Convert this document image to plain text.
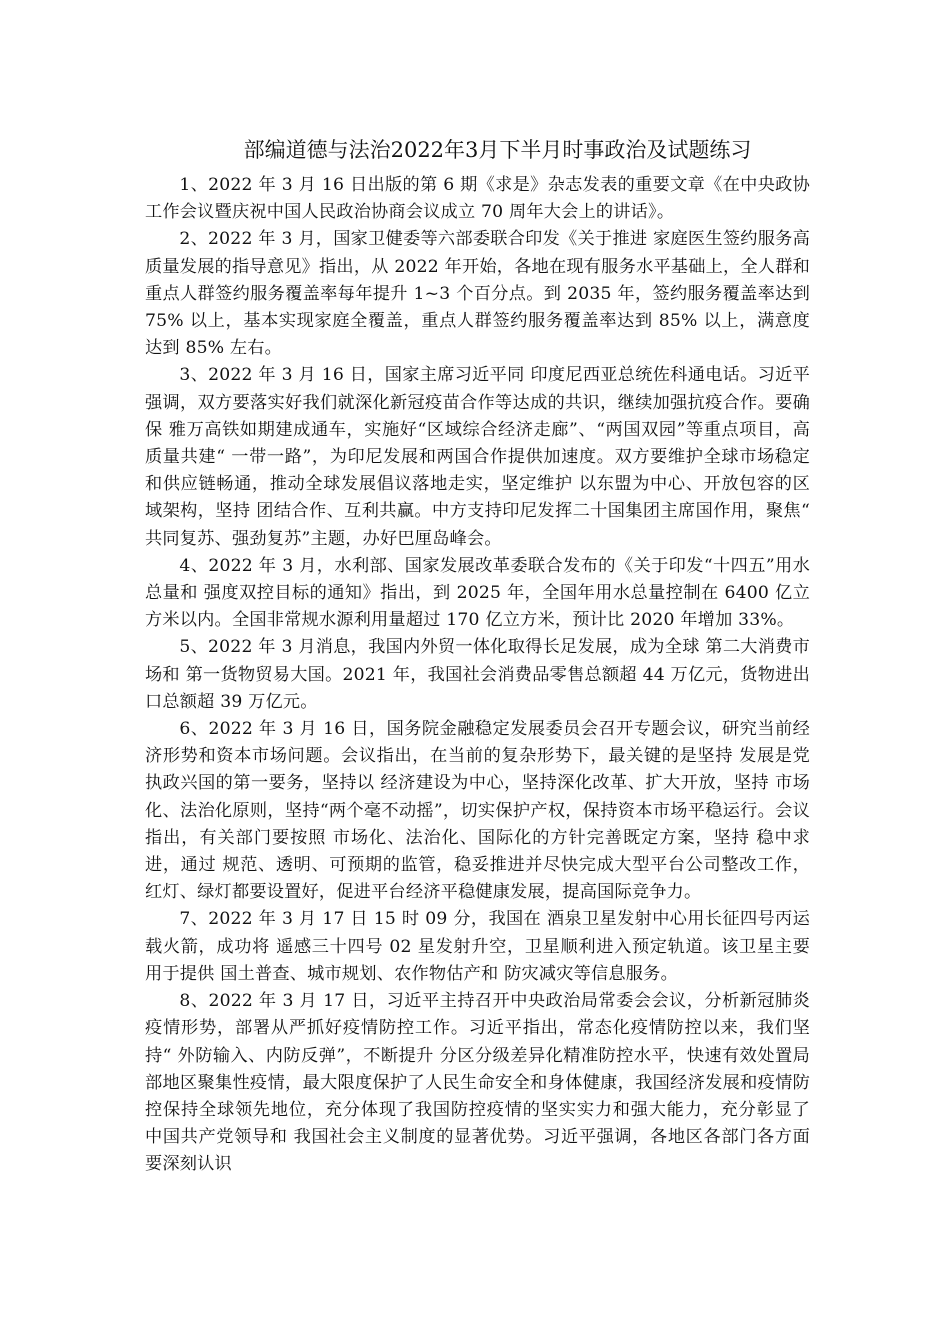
部编道德与法治2022年3月下半月时事政治及试题练习

1、2022 年 3 月 16 日出版的第 6 期《求是》杂志发表的重要文章《在中央政协工作会议暨庆祝中国人民政治协商会议成立 70 周年大会上的讲话》。

2、2022 年 3 月，国家卫健委等六部委联合印发《关于推进 家庭医生签约服务高质量发展的指导意见》指出，从 2022 年开始，各地在现有服务水平基础上，全人群和重点人群签约服务覆盖率每年提升 1~3 个百分点。到 2035 年，签约服务覆盖率达到 75% 以上，基本实现家庭全覆盖，重点人群签约服务覆盖率达到 85% 以上，满意度达到 85% 左右。

3、2022 年 3 月 16 日，国家主席习近平同 印度尼西亚总统佐科通电话。习近平强调，双方要落实好我们就深化新冠疫苗合作等达成的共识，继续加强抗疫合作。要确保 雅万高铁如期建成通车，实施好“区域综合经济走廊”、“两国双园”等重点项目，高质量共建“ 一带一路”，为印尼发展和两国合作提供加速度。双方要维护全球市场稳定和供应链畅通，推动全球发展倡议落地走实，坚定维护 以东盟为中心、开放包容的区域架构，坚持 团结合作、互利共赢。中方支持印尼发挥二十国集团主席国作用，聚焦“ 共同复苏、强劲复苏”主题，办好巴厘岛峰会。

4、2022 年 3 月，水利部、国家发展改革委联合发布的《关于印发“十四五”用水 总量和 强度双控目标的通知》指出，到 2025 年，全国年用水总量控制在 6400 亿立方米以内。全国非常规水源利用量超过 170 亿立方米，预计比 2020 年增加 33%。

5、2022 年 3 月消息，我国内外贸一体化取得长足发展，成为全球 第二大消费市场和 第一货物贸易大国。2021 年，我国社会消费品零售总额超 44 万亿元，货物进出口总额超 39 万亿元。

6、2022 年 3 月 16 日，国务院金融稳定发展委员会召开专题会议，研究当前经济形势和资本市场问题。会议指出，在当前的复杂形势下，最关键的是坚持 发展是党执政兴国的第一要务，坚持以 经济建设为中心，坚持深化改革、扩大开放，坚持 市场化、法治化原则，坚持“两个毫不动摇”，切实保护产权，保持资本市场平稳运行。会议指出，有关部门要按照 市场化、法治化、国际化的方针完善既定方案，坚持 稳中求进，通过 规范、透明、可预期的监管，稳妥推进并尽快完成大型平台公司整改工作，红灯、绿灯都要设置好，促进平台经济平稳健康发展，提高国际竞争力。

7、2022 年 3 月 17 日 15 时 09 分，我国在 酒泉卫星发射中心用长征四号丙运载火箭，成功将 遥感三十四号 02 星发射升空，卫星顺利进入预定轨道。该卫星主要用于提供 国土普查、城市规划、农作物估产和 防灾减灾等信息服务。

8、2022 年 3 月 17 日，习近平主持召开中央政治局常委会会议，分析新冠肺炎疫情形势，部署从严抓好疫情防控工作。习近平指出，常态化疫情防控以来，我们坚持“ 外防输入、内防反弹”，不断提升 分区分级差异化精准防控水平，快速有效处置局部地区聚集性疫情，最大限度保护了人民生命安全和身体健康，我国经济发展和疫情防控保持全球领先地位，充分体现了我国防控疫情的坚实实力和强大能力，充分彰显了 中国共产党领导和 我国社会主义制度的显著优势。习近平强调，各地区各部门各方面要深刻认识
